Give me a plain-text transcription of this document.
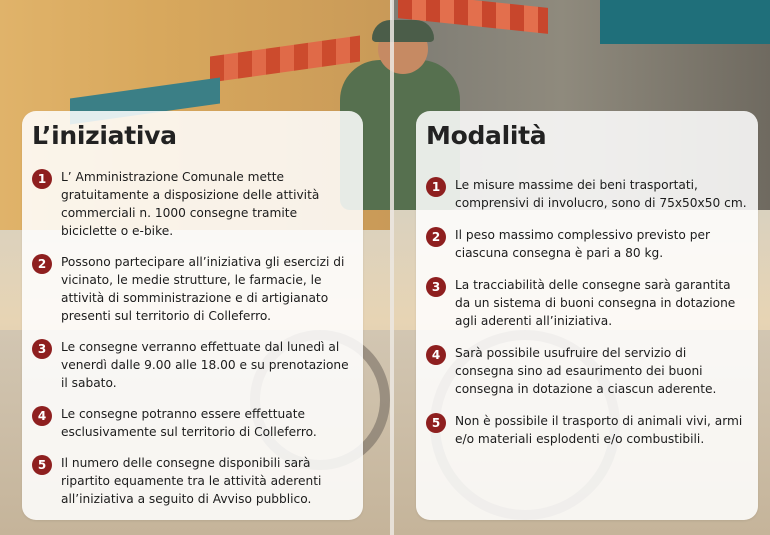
L’iniziativa
1	L’ Amministrazione Comunale mette gratuitamente a disposizione delle attività commerciali n. 1000 consegne tramite biciclette o e-bike.
2	Possono partecipare all’iniziativa gli esercizi di vicinato, le medie strutture, le farmacie, le attività di somministrazione e di artigianato presenti sul territorio di Colleferro.
3	Le consegne verranno effettuate dal lunedì al venerdì dalle 9.00 alle 18.00 e su prenotazione il sabato.
4	Le consegne potranno essere effettuate esclusivamente sul territorio di Colleferro.
5	Il numero delle consegne disponibili sarà ripartito equamente tra le attività aderenti all’iniziativa a seguito di Avviso pubblico.
Modalità
1	Le misure massime dei beni trasportati, comprensivi di involucro, sono di 75x50x50 cm.
2	Il peso massimo complessivo previsto per ciascuna consegna è pari a 80 kg.
3	La tracciabilità delle consegne sarà garantita da un sistema di buoni consegna in dotazione agli aderenti all’iniziativa.
4	Sarà possibile usufruire del servizio di consegna sino ad esaurimento dei buoni consegna in dotazione a ciascun aderente.
5	Non è possibile il trasporto di animali vivi, armi e/o materiali esplodenti e/o combustibili.
